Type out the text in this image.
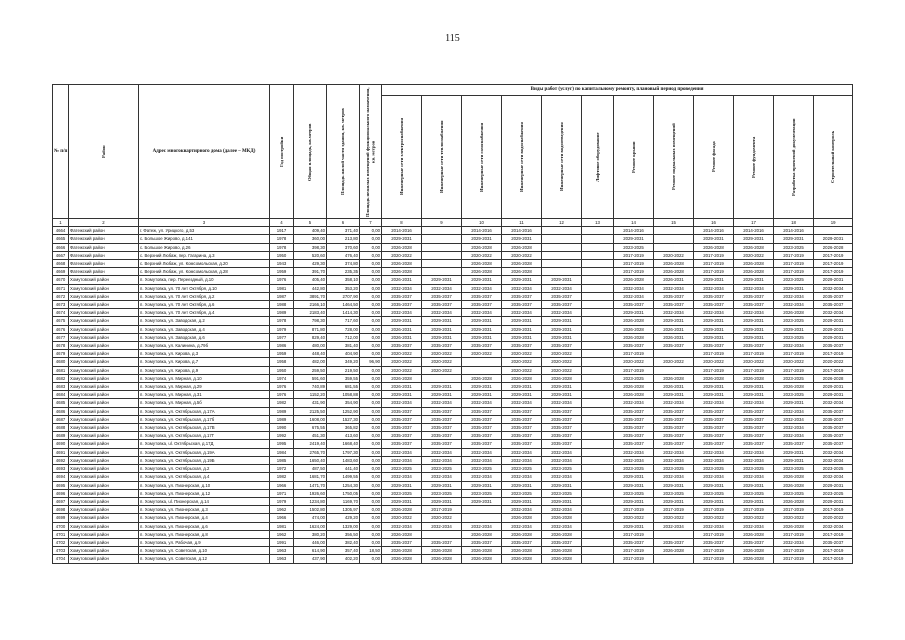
115
№ п/п	Район	Адрес многоквартирного дома (далее – МКД)	Год постройки	Общая площадь, кв.метров	Площадь жилой части здания, кв. метров	Площадь нежилых помещений функционального назначения, кв. метров	Виды работ (услуг) по капитальному ремонту, плановый период проведения											

							Инженерные сети электроснабжения	Инженерные сети теплоснабжения	Инженерные сети газоснабжения	Инженерные сети водоснабжения	Инженерные сети водоотведения	Лифтовое оборудование	Ремонт крыши	Ремонт подвальных помещений	Ремонт фасада	Ремонт фундамента	Разработка проектной документации	Строительный контроль

1	2	3	4	5	6	7	8	9	10	11	12	13	14	15	16	17	18	19
4664	Фатежский район	г. Фатеж, ул. Урицкого, д.53	1917	409,40	371,40	0,00	2014-2016		2014-2016	2014-2016			2014-2016		2014-2016	2014-2016	2014-2016	
4665	Фатежский район	с. Большое Жирово, д.141	1978	360,00	213,80	0,00	2029-2031		2029-2031	2029-2031			2029-2031		2029-2031	2029-2031	2029-2031	2029-2031
4666	Фатежский район	с. Большое Жирово, д.26	1978	398,30	370,60	0,00	2026-2028		2026-2028	2026-2028			2023-2025		2026-2028	2026-2028	2023-2025	2026-2028
4667	Фатежский район	с. Верхний Любаж, пер. Гагарина, д.3	1950	520,60	476,40	0,00	2020-2022		2020-2022	2020-2022			2017-2019	2020-2022	2017-2019	2020-2022	2017-2019	2017-2019
4668	Фатежский район	с. Верхний Любаж, ул. Комсомольская, д.20	1943	429,30	374,80	0,00	2026-2028		2026-2028	2026-2028			2017-2019	2026-2028	2017-2019	2026-2028	2017-2019	2017-2019
4669	Фатежский район	с. Верхний Любаж, ул. Комсомольская, д.28	1959	391,70	235,35	0,00	2026-2028		2026-2028	2026-2028			2017-2019	2026-2028	2017-2019	2026-2028	2017-2019	2017-2019
4670	Хомутовский район	п. Хомутовка, пер. Переездный, д.10	1976	405,40	358,10	0,00	2026-2031	2029-2031	2029-2031	2029-2031	2029-2031		2026-2028	2026-2031	2029-2031	2029-2031	2023-2025	2029-2031
4671	Хомутовский район	п. Хомутовка, ул. 70 лет Октября, д.10	1981	442,80	353,20	0,00	2032-2034	2032-2034	2032-2034	2032-2034	2032-2034		2032-2034	2032-2034	2032-2034	2032-2034	2029-2031	2032-2034
4672	Хомутовский район	п. Хомутовка, ул. 70 лет Октября, д.2	1987	3891,70	2707,90	0,00	2035-2037	2035-2037	2035-2037	2035-2037	2035-2037		2032-2034	2035-2037	2035-2037	2035-2037	2032-2034	2035-2037
4673	Хомутовский район	п. Хомутовка, ул. 70 лет Октября, д.6	1988	2166,10	1464,50	0,00	2035-2037	2035-2037	2035-2037	2035-2037	2035-2037		2035-2037	2035-2037	2035-2037	2035-2037	2032-2034	2035-2037
4674	Хомутовский район	п. Хомутовка, ул. 70 лет Октября, д.4	1989	2183,40	1414,30	0,00	2032-2034	2032-2034	2032-2034	2032-2034	2032-2034		2029-2031	2032-2034	2032-2034	2032-2034	2026-2028	2032-2034
4675	Хомутовский район	п. Хомутовка, ул. Заводская, д.2	1978	798,30	717,60	0,00	2029-2031	2029-2031	2029-2031	2029-2031	2029-2031		2026-2028	2029-2031	2029-2031	2029-2031	2023-2025	2029-2031
4676	Хомутовский район	п. Хомутовка, ул. Заводская, д.4	1979	871,80	728,00	0,00	2026-2031	2029-2031	2029-2031	2029-2031	2029-2031		2026-2028	2026-2031	2029-2031	2029-2031	2029-2031	2029-2031
4677	Хомутовский район	п. Хомутовка, ул. Заводская, д.6	1977	829,40	712,00	0,00	2026-2031	2029-2031	2029-2031	2029-2031	2029-2031		2026-2028	2026-2031	2029-2031	2029-2031	2023-2025	2029-2031
4678	Хомутовский район	п. Хомутовка, ул. Калинина, д.79б	1986	480,00	381,40	0,00	2035-2037	2035-2037	2035-2037	2035-2037	2035-2037		2035-2037	2035-2037	2035-2037	2035-2037	2032-2034	2035-2037
4679	Хомутовский район	п. Хомутовка, ул. Кирова, д.3	1959	448,40	404,90	0,00	2020-2022	2020-2022	2020-2022	2020-2022	2020-2022		2017-2019		2017-2019	2017-2019	2017-2019	2017-2019
4680	Хомутовский район	п. Хомутовка, ул. Кирова, д.7	1958	482,00	349,20	96,90	2020-2022	2020-2022		2020-2022	2020-2022		2020-2022	2020-2022	2020-2022	2020-2022	2020-2022	2020-2022
4681	Хомутовский район	п. Хомутовка, ул. Кирова, д.9	1950	259,50	219,50	0,00	2020-2022	2020-2022		2020-2022	2020-2022		2017-2019		2017-2019	2017-2019	2017-2019	2017-2019
4682	Хомутовский район	п. Хомутовка, ул. Мирная, д.10	1974	591,60	359,55	0,00	2026-2028		2026-2028	2026-2028	2026-2028		2023-2025	2026-2028	2026-2028	2026-2028	2023-2025	2026-2028
4683	Хомутовский район	п. Хомутовка, ул. Мирная, д.29	1976	740,89	681,55	0,00	2026-2031	2029-2031	2029-2031	2029-2031	2029-2031		2026-2028	2026-2031	2029-2031	2029-2031	2026-2028	2029-2031
4684	Хомутовский район	п. Хомутовка, ул. Мирная, д.31	1976	1152,20	1058,88	0,00	2029-2031	2029-2031	2029-2031	2029-2031	2029-2031		2026-2028	2029-2031	2029-2031	2029-2031	2023-2025	2029-2031
4685	Хомутовский район	п. Хомутовка, ул. Мирная, д.5б	1982	431,90	354,90	0,00	2032-2034	2032-2034	2032-2034	2032-2034	2032-2034		2032-2034	2032-2034	2032-2034	2032-2034	2029-2031	2032-2034
4686	Хомутовский район	п. Хомутовка, ул. Октябрьская, д.17А	1989	2125,50	1252,90	0,00	2035-2037	2035-2037	2035-2037	2035-2037	2035-2037		2035-2037	2035-2037	2035-2037	2035-2037	2032-2034	2035-2037
4687	Хомутовский район	п. Хомутовка, ул. Октябрьская, д.17б	1989	1608,00	1527,30	0,00	2035-2037	2035-2037	2035-2037	2035-2037	2035-2037		2035-2037	2035-2037	2035-2037	2035-2037	2032-2034	2035-2037
4688	Хомутовский район	п. Хомутовка, ул. Октябрьская, д.17В	1990	675,55	365,82	0,00	2035-2037	2035-2037	2035-2037	2035-2037	2035-2037		2035-2037	2035-2037	2035-2037	2035-2037	2032-2034	2035-2037
4689	Хомутовский район	п. Хомутовка, ул. Октябрьская, д.17Г	1992	451,30	413,60	0,00	2035-2037	2035-2037	2035-2037	2035-2037	2035-2037		2035-2037	2035-2037	2035-2037	2035-2037	2032-2034	2035-2037
4690	Хомутовский район	п. Хомутовка, ul. Октябрьская, д.17Д	1995	2419,40	1668,40	0,00	2035-2037	2035-2037	2035-2037	2035-2037	2035-2037		2035-2037	2035-2037	2035-2037	2035-2037	2035-2037	2035-2037
4691	Хомутовский район	п. Хомутовка, ул. Октябрьская, д.19А	1984	2765,70	1797,30	0,00	2032-2034	2032-2034	2032-2034	2032-2034	2032-2034		2032-2034	2032-2034	2032-2034	2032-2034	2029-2031	2032-2034
4692	Хомутовский район	п. Хомутовка, ул. Октябрьская, д.19Б	1985	1650,40	1483,60	0,00	2032-2034	2032-2034	2032-2034	2032-2034	2032-2034		2032-2034	2032-2034	2032-2034	2032-2034	2029-2031	2032-2034
4693	Хомутовский район	п. Хомутовка, ул. Октябрьская, д.2	1972	487,50	441,40	0,00	2023-2025	2023-2025	2023-2025	2023-2025	2023-2025		2023-2025	2023-2025	2023-2025	2023-2025	2023-2025	2023-2025
4694	Хомутовский район	п. Хомутовка, ул. Октябрьская, д.4	1982	1681,70	1499,55	0,00	2032-2034	2032-2034	2032-2034	2032-2034	2032-2034		2029-2031	2032-2034	2032-2034	2032-2034	2026-2028	2032-2034
4695	Хомутовский район	п. Хомутовка, ул. Пионерская, д.10	1966	1471,70	1254,30	0,00	2029-2031	2029-2031	2029-2031	2029-2031	2029-2031		2029-2031	2029-2031	2029-2031	2029-2031	2026-2028	2029-2031
4696	Хомутовский район	п. Хомутовка, ул. Пионерская, д.12	1971	1926,60	1750,05	0,00	2023-2025	2023-2025	2023-2025	2023-2025	2023-2025		2023-2025	2023-2025	2023-2025	2023-2025	2023-2025	2023-2025
4697	Хомутовский район	п. Хомутовка, ul. Пионерская, д.14	1979	1234,80	1169,70	0,00	2029-2031	2029-2031	2029-2031	2029-2031	2029-2031		2029-2031	2029-2031	2029-2031	2029-2031	2026-2028	2029-2031
4698	Хомутовский район	п. Хомутовка, ул. Пионерская, д.3	1962	1502,80	1305,97	0,00	2026-2028	2017-2019		2032-2034	2032-2034		2017-2019	2017-2019	2017-2019	2017-2019	2017-2019	2017-2019
4699	Хомутовский район	п. Хомутовка, ул. Пионерская, д.4	1966	474,00	429,20	0,00	2020-2022	2020-2022		2026-2028	2026-2028		2020-2022	2020-2022	2020-2022	2020-2022	2020-2022	2020-2022
4700	Хомутовский район	п. Хомутовка, ул. Пионерская, д.6	1981	1624,00	1329,00	0,00	2032-2034	2032-2034	2032-2034	2032-2034	2032-2034		2029-2031	2032-2034	2032-2034	2032-2034	2026-2028	2032-2034
4701	Хомутовский район	п. Хомутовка, ул. Пионерская, д.8	1962	380,20	356,50	0,00	2026-2028		2026-2028	2026-2028	2026-2028		2017-2019		2017-2019	2026-2028	2017-2019	2017-2019
4702	Хомутовский район	п. Хомутовка, ул. Рабочая, д.9	1991	446,00	382,40	0,00	2035-2037	2035-2037	2035-2037	2035-2037	2035-2037		2035-2037	2035-2037	2035-2037	2035-2037	2032-2034	2035-2037
4703	Хомутовский район	п. Хомутовка, ул. Советская, д.10	1963	614,90	357,40	18,50	2026-2028	2026-2028	2026-2028	2026-2028	2026-2028		2017-2019	2026-2028	2017-2019	2026-2028	2017-2019	2017-2019
4704	Хомутовский район	п. Хомутовка, ул. Советская, д.12	1963	437,90	402,20	0,00	2026-2028	2026-2028	2026-2028	2026-2028	2026-2028		2017-2019		2017-2019	2026-2028	2017-2019	2017-2019
